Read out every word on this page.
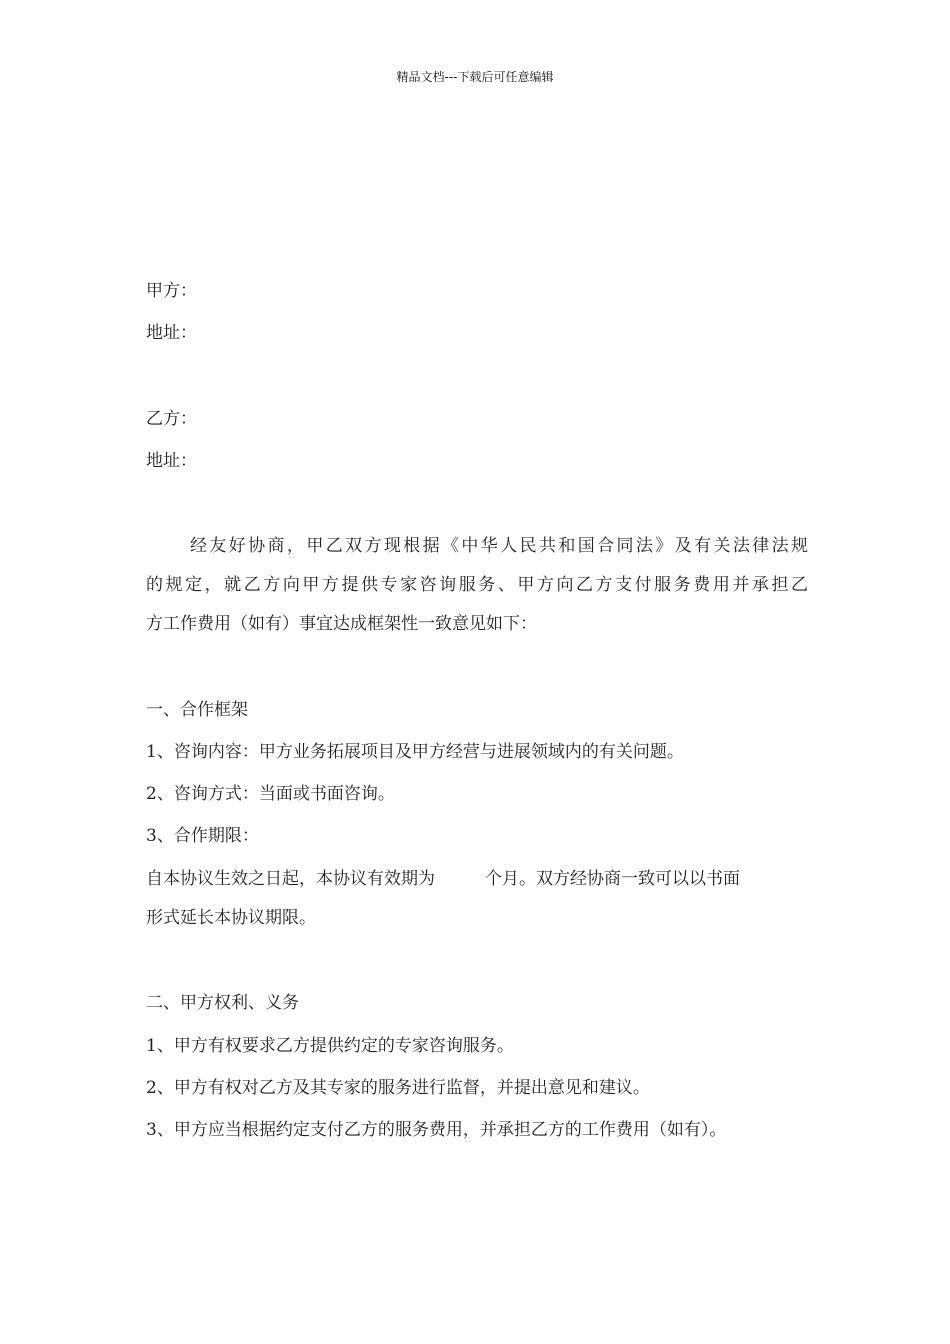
精品文档---下载后可任意编辑
甲方：
地址：
乙方：
地址：
经友好协商，甲乙双方现根据《中华人民共和国合同法》及有关法律法规
的规定，就乙方向甲方提供专家咨询服务、甲方向乙方支付服务费用并承担乙
方工作费用（如有）事宜达成框架性一致意见如下：
一、合作框架
1、咨询内容：甲方业务拓展项目及甲方经营与进展领域内的有关问题。
2、咨询方式：当面或书面咨询。
3、合作期限：
自本协议生效之日起，本协议有效期为	个月。双方经协商一致可以以书面
形式延长本协议期限。
二、甲方权利、义务
1、甲方有权要求乙方提供约定的专家咨询服务。
2、甲方有权对乙方及其专家的服务进行监督，并提出意见和建议。
3、甲方应当根据约定支付乙方的服务费用，并承担乙方的工作费用（如有）。
